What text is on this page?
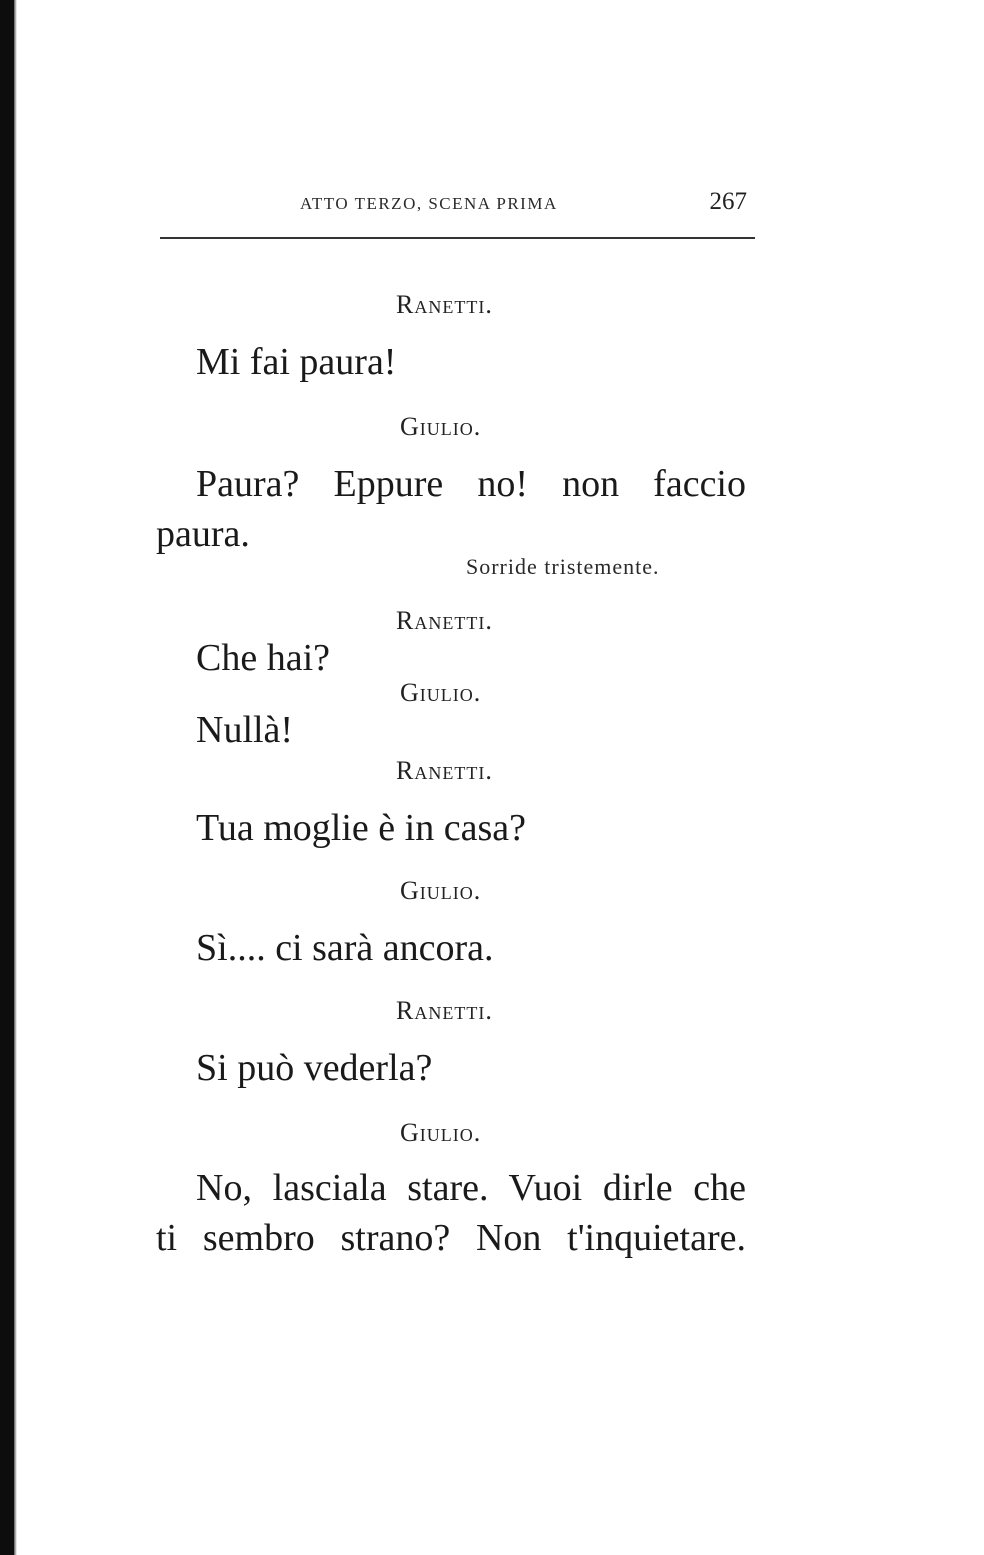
ATTO TERZO, SCENA PRIMA	267
Ranetti.
Mi fai paura!
Giulio.
Paura? Eppure no! non faccio
paura.
Sorride tristemente.
Ranetti.
Che hai?
Giulio.
Nullà!
Ranetti.
Tua moglie è in casa?
Giulio.
Sì.... ci sarà ancora.
Ranetti.
Si può vederla?
Giulio.
No, lasciala stare. Vuoi dirle che
ti sembro strano? Non t'inquietare.
